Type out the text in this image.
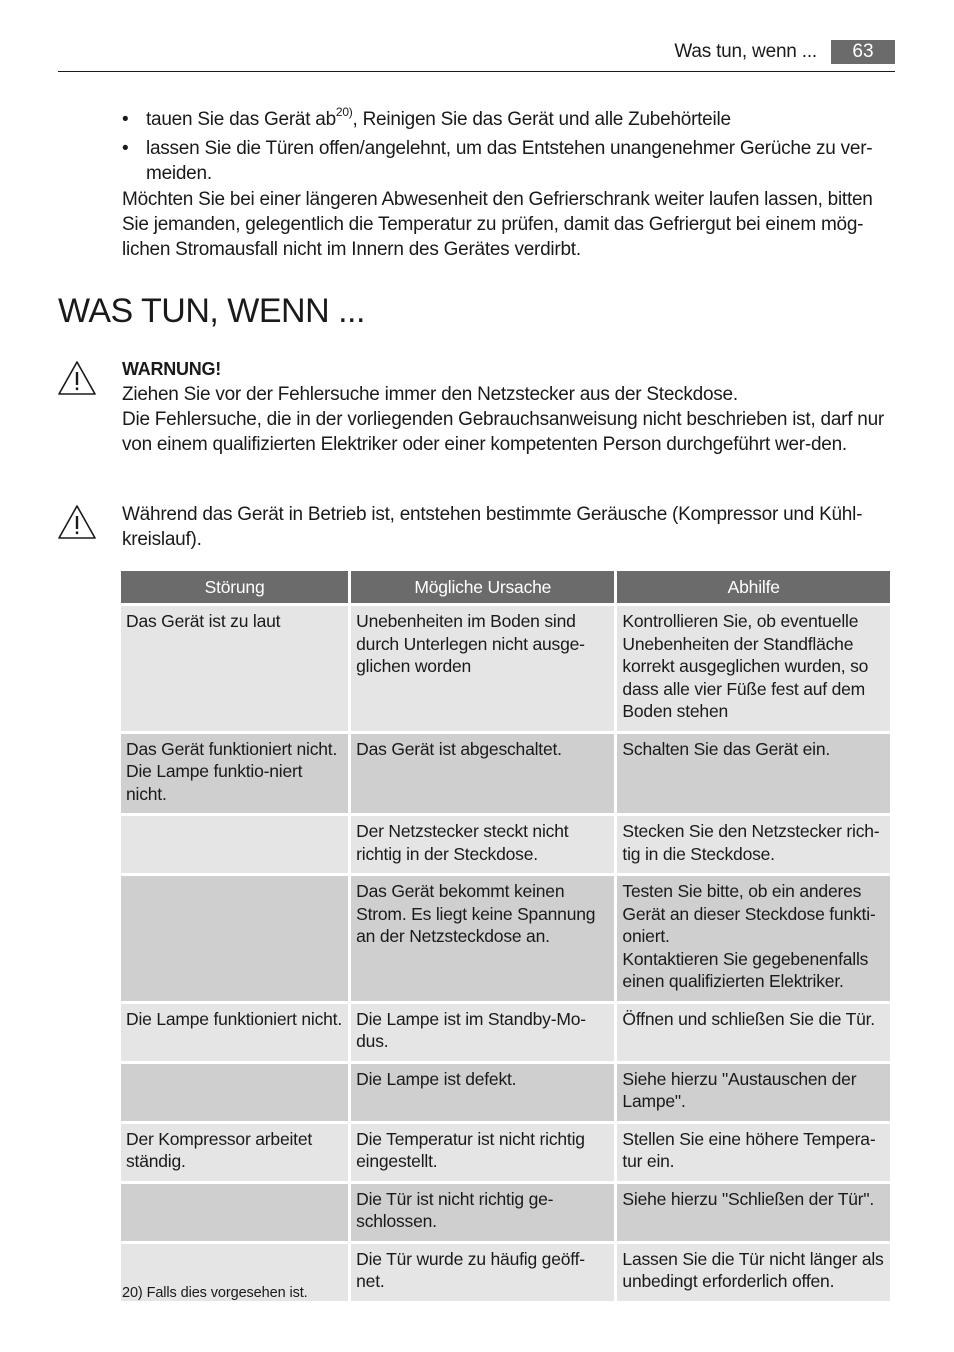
Was tun, wenn ...	63
• tauen Sie das Gerät $ab^{20)}$, Reinigen Sie das Gerät und alle Zubehörteile
• lassen Sie die Türen offen/angelehnt, um das Entstehen unangenehmer Gerüche zu ver-meiden.

Möchten Sie bei einer längeren Abwesenheit den Gefrierschrank weiter laufen lassen, bitten Sie jemanden, gelegentlich die Temperatur zu prüfen, damit das Gefriergut bei einem mög-lichen Stromausfall nicht im Innern des Gerätes verdirbt.

WAS TUN, WENN ...
WARNUNG!
Ziehen Sie vor der Fehlersuche immer den Netzstecker aus der Steckdose.
Die Fehlersuche, die in der vorliegenden Gebrauchsanweisung nicht beschrieben ist, darf nur von einem qualifizierten Elektriker oder einer kompetenten Person durchgeführt wer-den.
Während das Gerät in Betrieb ist, entstehen bestimmte Geräusche (Kompressor und Kühl-kreislauf).
Störung	Mögliche Ursache	Abhilfe
Das Gerät ist zu laut	Unebenheiten im Boden sind durch Unterlegen nicht ausge-glichen worden	Kontrollieren Sie, ob eventuelle Unebenheiten der Standfläche korrekt ausgeglichen wurden, so dass alle vier Füße fest auf dem Boden stehen
Das Gerät funktioniert nicht. Die Lampe funktio-niert nicht.	Das Gerät ist abgeschaltet.	Schalten Sie das Gerät ein.
	Der Netzstecker steckt nicht richtig in der Steckdose.	Stecken Sie den Netzstecker rich-tig in die Steckdose.
	Das Gerät bekommt keinen Strom. Es liegt keine Spannung an der Netzsteckdose an.	Testen Sie bitte, ob ein anderes Gerät an dieser Steckdose funkti-oniert.
Kontaktieren Sie gegebenenfalls einen qualifizierten Elektriker.
Die Lampe funktioniert nicht.	Die Lampe ist im Standby-Mo-dus.	Öffnen und schließen Sie die Tür.
	Die Lampe ist defekt.	Siehe hierzu "Austauschen der Lampe".
Der Kompressor arbeitet ständig.	Die Temperatur ist nicht richtig eingestellt.	Stellen Sie eine höhere Tempera-tur ein.
	Die Tür ist nicht richtig ge-schlossen.	Siehe hierzu "Schließen der Tür".
	Die Tür wurde zu häufig geöff-net.	Lassen Sie die Tür nicht länger als unbedingt erforderlich offen.
20) Falls dies vorgesehen ist.
